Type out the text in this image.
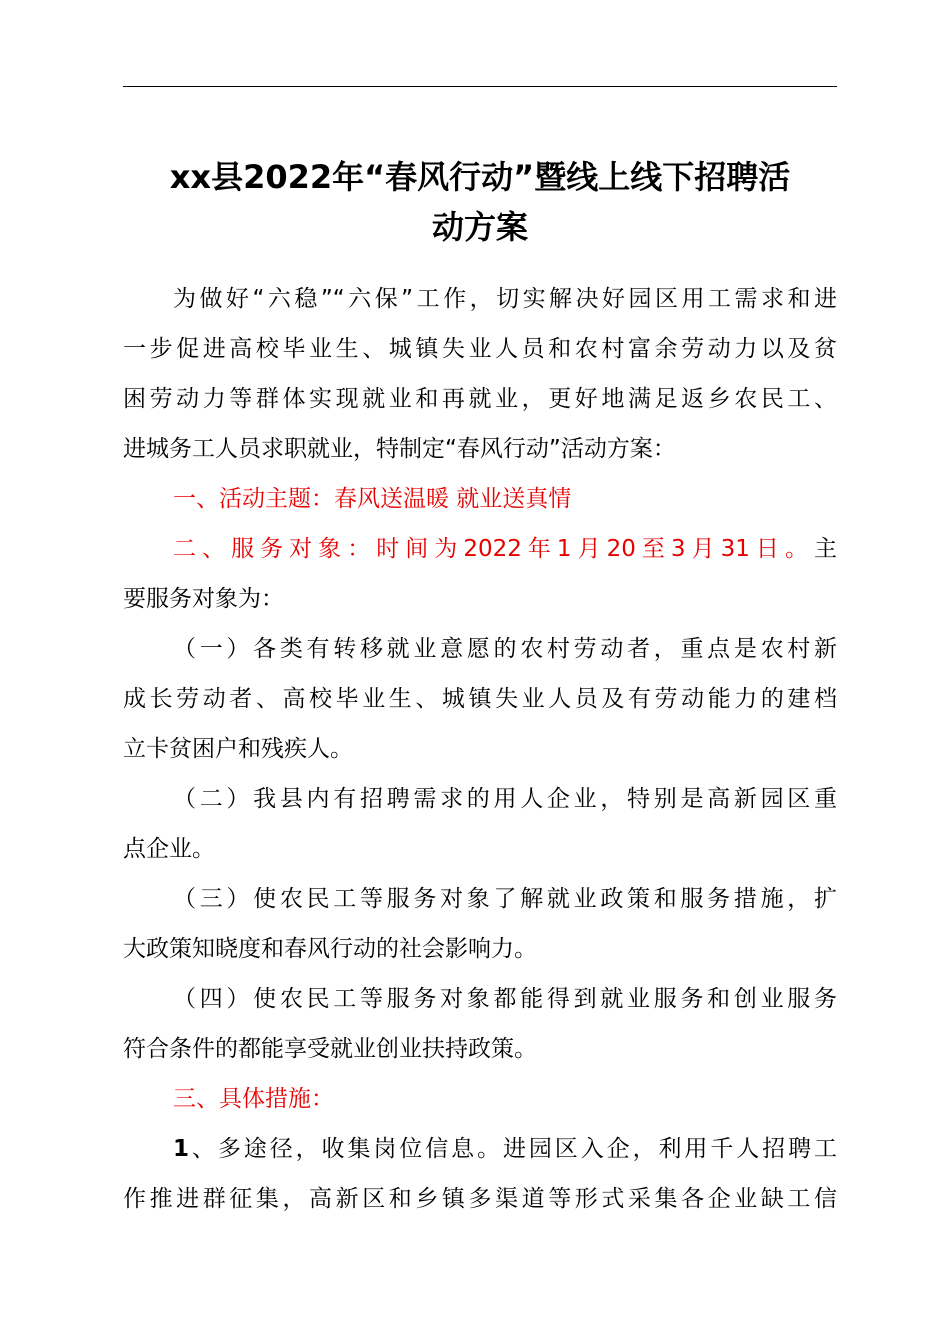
xx县2022年“春风行动”暨线上线下招聘活
动方案

为做好“六稳”“六保”工作，切实解决好园区用工需求和进
一步促进高校毕业生、城镇失业人员和农村富余劳动力以及贫
困劳动力等群体实现就业和再就业，更好地满足返乡农民工、
进城务工人员求职就业，特制定“春风行动”活动方案：

一、活动主题：春风送温暖 就业送真情

二、服务对象：时间为2022年1月20至3月31日。主
要服务对象为：

（一）各类有转移就业意愿的农村劳动者，重点是农村新
成长劳动者、高校毕业生、城镇失业人员及有劳动能力的建档
立卡贫困户和残疾人。

（二）我县内有招聘需求的用人企业，特别是高新园区重
点企业。

（三）使农民工等服务对象了解就业政策和服务措施，扩
大政策知晓度和春风行动的社会影响力。

（四）使农民工等服务对象都能得到就业服务和创业服务
符合条件的都能享受就业创业扶持政策。

三、具体措施：

1、多途径，收集岗位信息。进园区入企，利用千人招聘工
作推进群征集，高新区和乡镇多渠道等形式采集各企业缺工信
